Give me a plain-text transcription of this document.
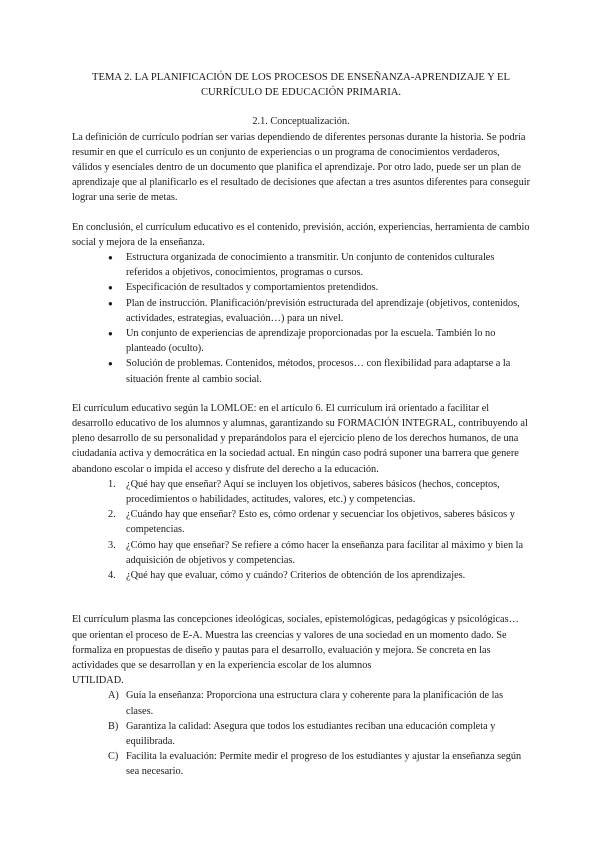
TEMA 2. LA PLANIFICACIÓN DE LOS PROCESOS DE ENSEÑANZA-APRENDIZAJE Y EL CURRÍCULO DE EDUCACIÓN PRIMARIA.

2.1. Conceptualización.

La definición de currículo podrían ser varias dependiendo de diferentes personas durante la historia. Se podría resumir en que el currículo es un conjunto de experiencias o un programa de conocimientos verdaderos, válidos y esenciales dentro de un documento que planifica el aprendizaje. Por otro lado, puede ser un plan de aprendizaje que al planificarlo es el resultado de decisiones que afectan a tres asuntos diferentes para conseguir lograr una serie de metas.

En conclusión, el currículum educativo es el contenido, previsión, acción, experiencias, herramienta de cambio social y mejora de la enseñanza.

● Estructura organizada de conocimiento a transmitir. Un conjunto de contenidos culturales referidos a objetivos, conocimientos, programas o cursos.
● Especificación de resultados y comportamientos pretendidos.
● Plan de instrucción. Planificación/previsión estructurada del aprendizaje (objetivos, contenidos, actividades, estrategias, evaluación…) para un nivel.
● Un conjunto de experiencias de aprendizaje proporcionadas por la escuela. También lo no planteado (oculto).
● Solución de problemas. Contenidos, métodos, procesos… con flexibilidad para adaptarse a la situación frente al cambio social.

El currículum educativo según la LOMLOE: en el artículo 6. El currículum irá orientado a facilitar el desarrollo educativo de los alumnos y alumnas, garantizando su FORMACIÓN INTEGRAL, contribuyendo al pleno desarrollo de su personalidad y preparándolos para el ejercicio pleno de los derechos humanos, de una ciudadanía activa y democrática en la sociedad actual. En ningún caso podrá suponer una barrera que genere abandono escolar o impida el acceso y disfrute del derecho a la educación.

1. ¿Qué hay que enseñar? Aquí se incluyen los objetivos, saberes básicos (hechos, conceptos, procedimientos o habilidades, actitudes, valores, etc.) y competencias.
2. ¿Cuándo hay que enseñar? Esto es, cómo ordenar y secuenciar los objetivos, saberes básicos y competencias.
3. ¿Cómo hay que enseñar? Se refiere a cómo hacer la enseñanza para facilitar al máximo y bien la adquisición de objetivos y competencias.
4. ¿Qué hay que evaluar, cómo y cuándo? Criterios de obtención de los aprendizajes.

El currículum plasma las concepciones ideológicas, sociales, epistemológicas, pedagógicas y psicológicas… que orientan el proceso de E-A. Muestra las creencias y valores de una sociedad en un momento dado. Se formaliza en propuestas de diseño y pautas para el desarrollo, evaluación y mejora. Se concreta en las actividades que se desarrollan y en la experiencia escolar de los alumnos

UTILIDAD.

A) Guía la enseñanza: Proporciona una estructura clara y coherente para la planificación de las clases.
B) Garantiza la calidad: Asegura que todos los estudiantes reciban una educación completa y equilibrada.
C) Facilita la evaluación: Permite medir el progreso de los estudiantes y ajustar la enseñanza según sea necesario.
